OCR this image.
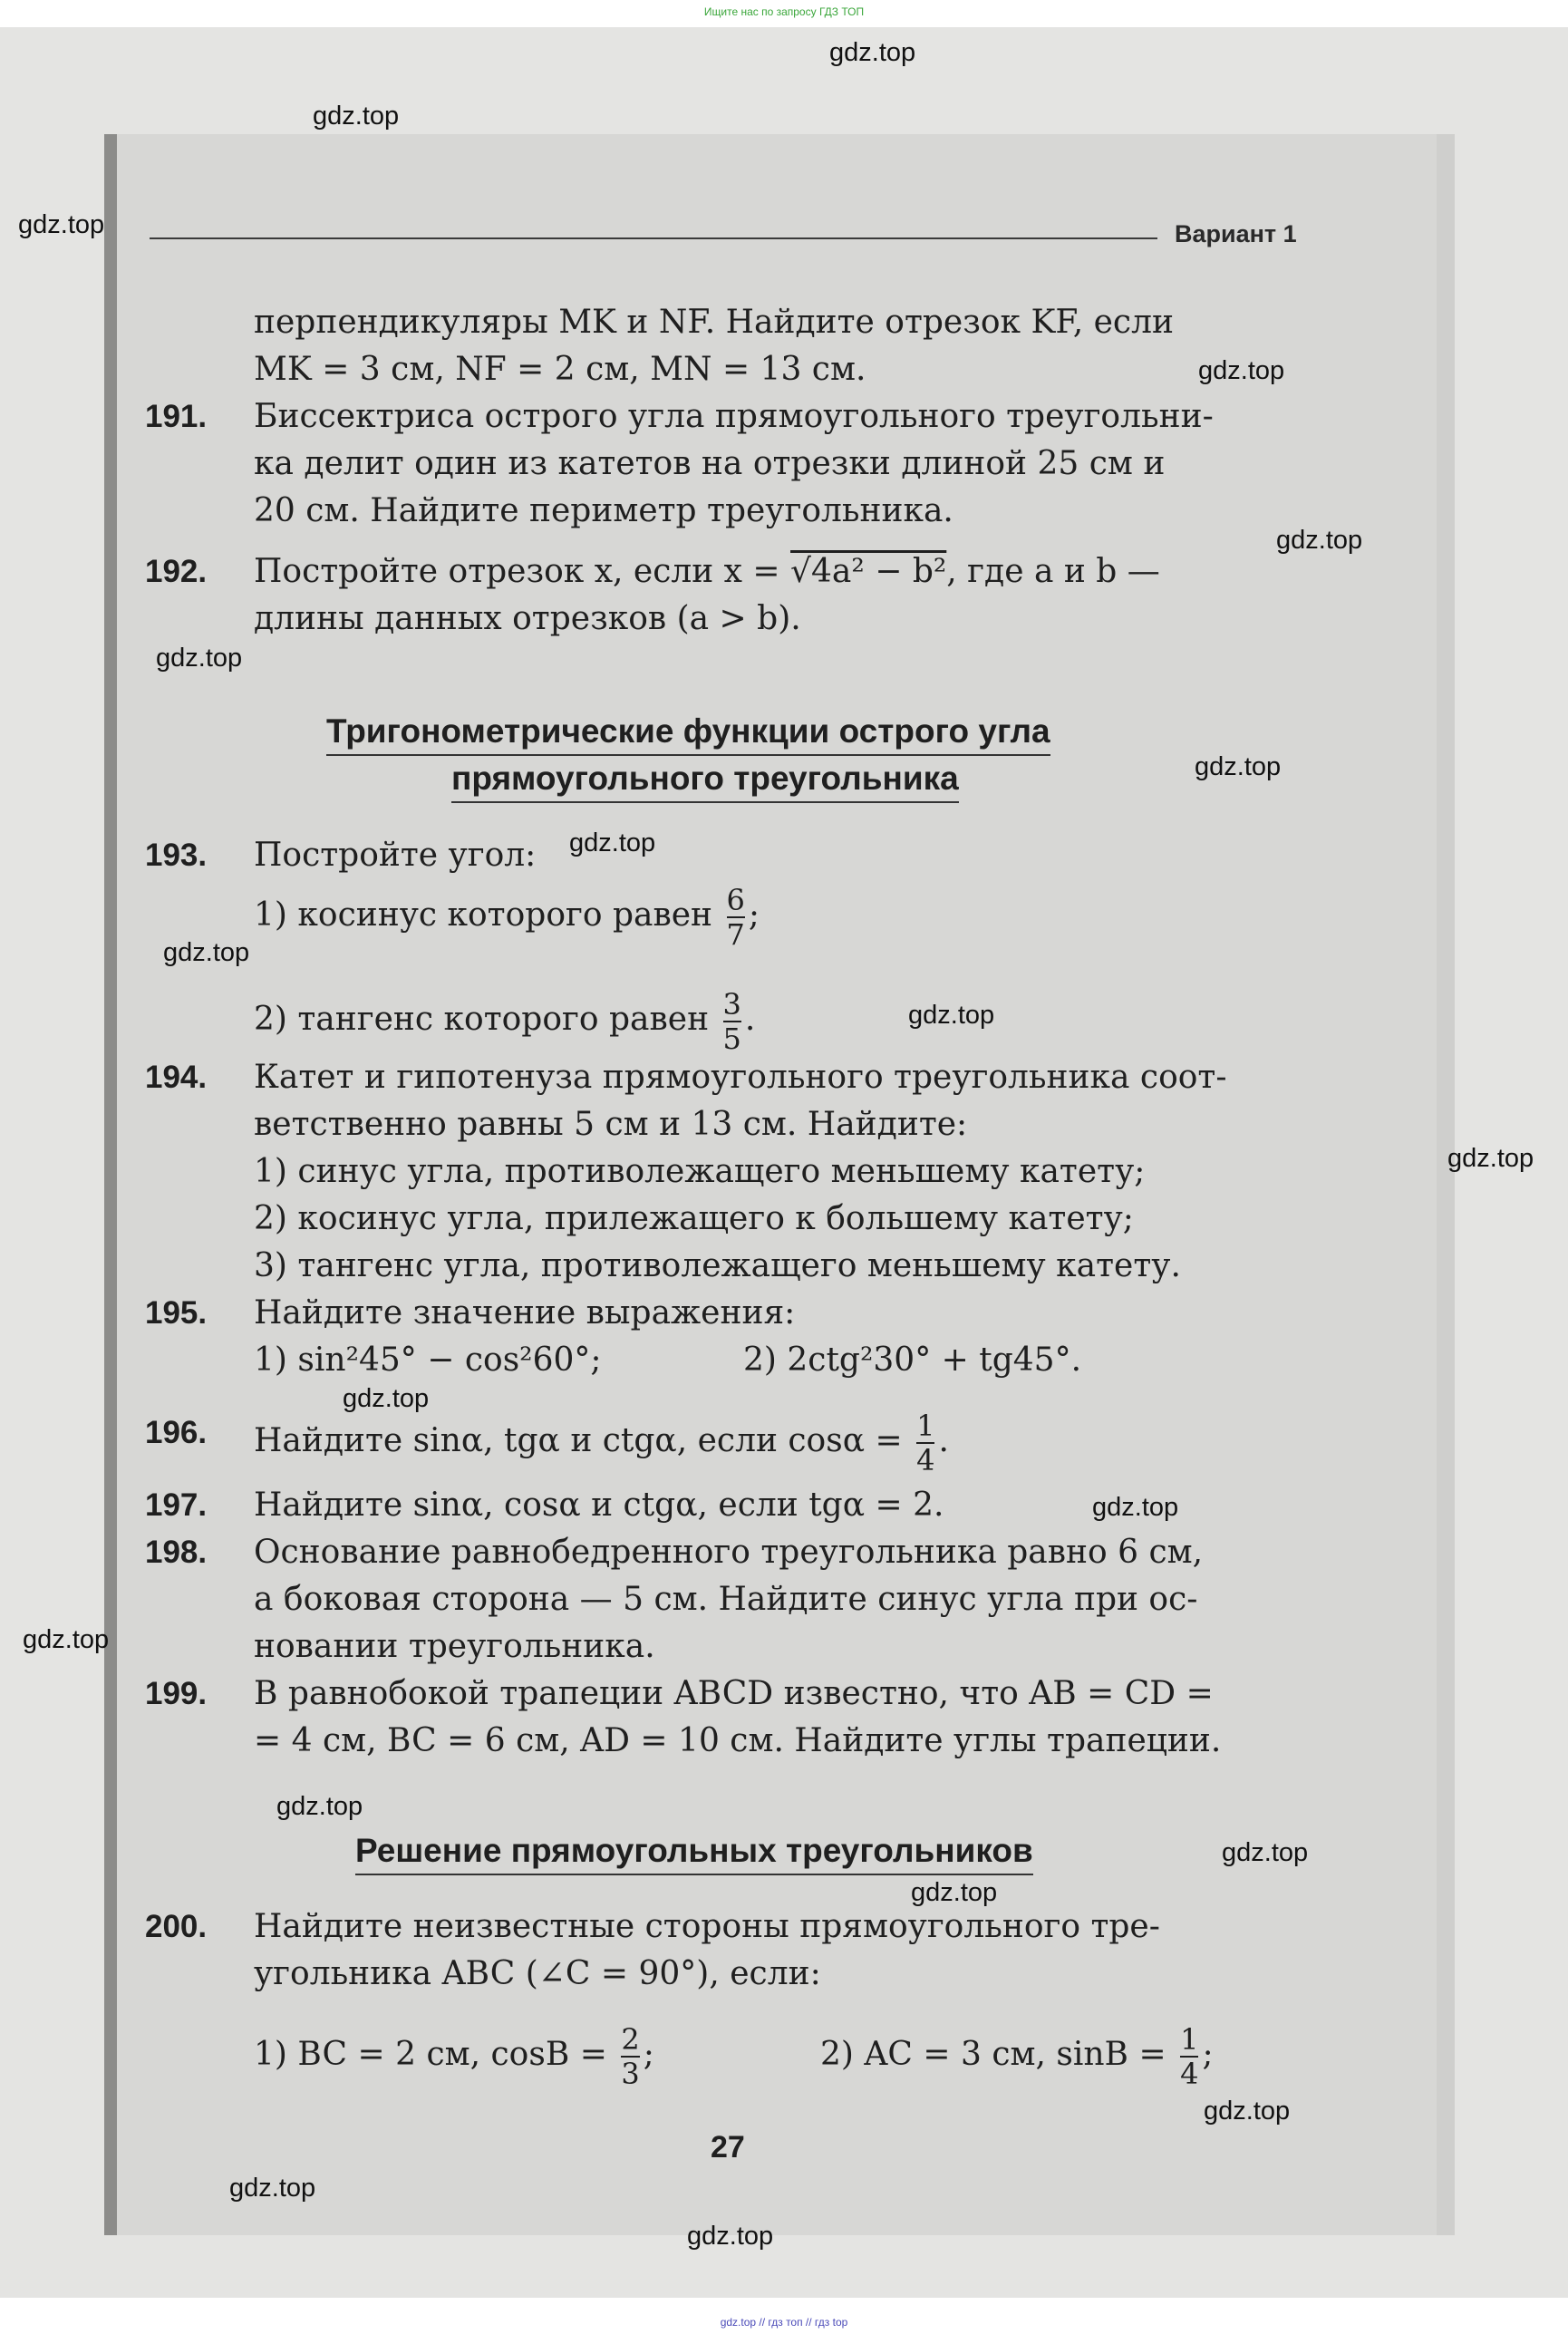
Ищите нас по запросу ГДЗ ТОП
Вариант 1
перпендикуляры MK и NF. Найдите отрезок KF, если
MK = 3 см, NF = 2 см, MN = 13 см.
191. Биссектриса острого угла прямоугольного треугольни-
ка делит один из катетов на отрезки длиной 25 см и
20 см. Найдите периметр треугольника.
192. Постройте отрезок x, если x = √4a² − b², где a и b —
длины данных отрезков (a > b).
Тригонометрические функции острого угла
прямоугольного треугольника
193. Постройте угол:
1) косинус которого равен $\frac{6}{7}$ ;
2) тангенс которого равен $\frac{3}{5}$ .
194. Катет и гипотенуза прямоугольного треугольника соот-
ветственно равны 5 см и 13 см. Найдите:
1) синус угла, противолежащего меньшему катету;
2) косинус угла, прилежащего к большему катету;
3) тангенс угла, противолежащего меньшему катету.
195. Найдите значение выражения:
1) sin²45° − cos²60°;	2) 2ctg²30° + tg45°.
196. Найдите sinα, tgα и ctgα, если $\cos\alpha = \frac{1}{4}$ .
197. Найдите sinα, cosα и ctgα, если tgα = 2.
198. Основание равнобедренного треугольника равно 6 см,
а боковая сторона — 5 см. Найдите синус угла при ос-
новании треугольника.
199. В равнобокой трапеции ABCD известно, что AB = CD =
= 4 см, BC = 6 см, AD = 10 см. Найдите углы трапеции.
Решение прямоугольных треугольников
200. Найдите неизвестные стороны прямоугольного тре-
угольника ABC (∠C = 90°), если:
1) BC = 2 см, $\cos B = \frac{2}{3}$ ;	2) AC = 3 см, $\sin B = \frac{1}{4}$ ;
27
gdz.top
gdz.top
gdz.top
gdz.top
gdz.top
gdz.top
gdz.top
gdz.top
gdz.top
gdz.top
gdz.top
gdz.top
gdz.top
gdz.top
gdz.top
gdz.top
gdz.top
gdz.top
gdz.top
gdz.top
gdz.top // гдз топ // гдз top
